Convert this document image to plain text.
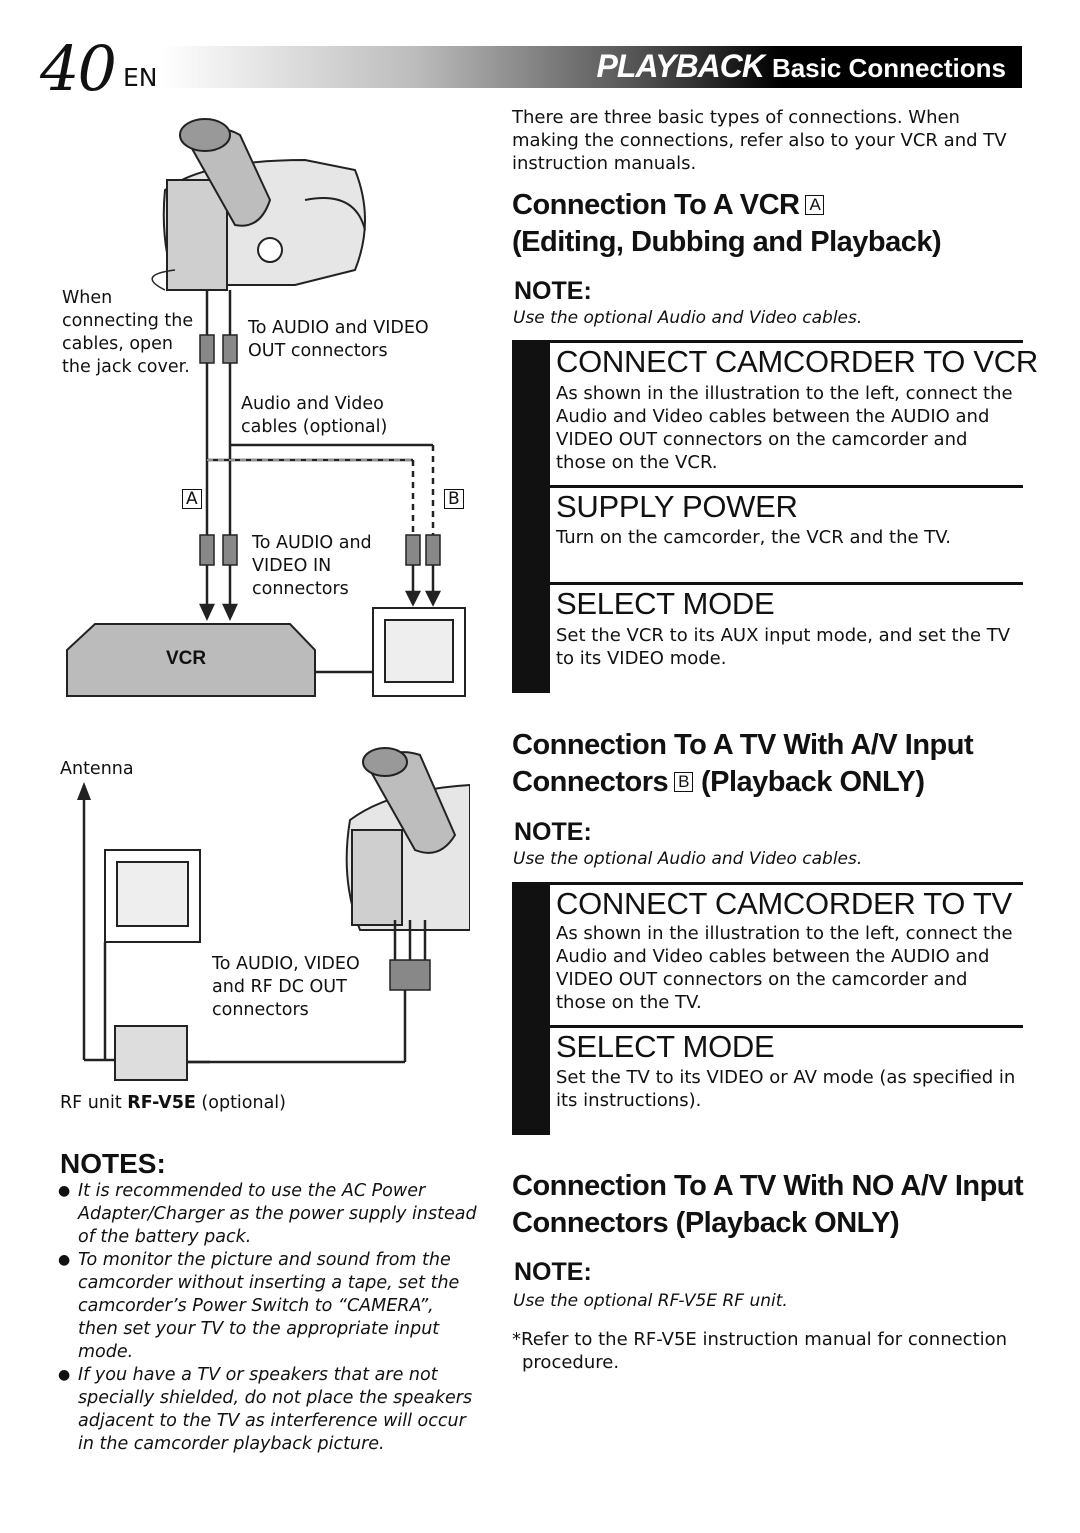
40 EN	PLAYBACK Basic Connections
When connecting the cables, open the jack cover.
To AUDIO and VIDEO OUT connectors
Audio and Video cables (optional)
A	B
To AUDIO and VIDEO IN connectors
VCR
Antenna
To AUDIO, VIDEO and RF DC OUT connectors
RF unit RF-V5E (optional)
NOTES:
● It is recommended to use the AC Power Adapter/Charger as the power supply instead of the battery pack.
● To monitor the picture and sound from the camcorder without inserting a tape, set the camcorder’s Power Switch to “CAMERA”, then set your TV to the appropriate input mode.
● If you have a TV or speakers that are not specially shielded, do not place the speakers adjacent to the TV as interference will occur in the camcorder playback picture.
There are three basic types of connections. When making the connections, refer also to your VCR and TV instruction manuals.
Connection To A VCR A
(Editing, Dubbing and Playback)
NOTE:
Use the optional Audio and Video cables.
1
CONNECT CAMCORDER TO VCR
As shown in the illustration to the left, connect the Audio and Video cables between the AUDIO and VIDEO OUT connectors on the camcorder and those on the VCR.
2
SUPPLY POWER
Turn on the camcorder, the VCR and the TV.
3
SELECT MODE
Set the VCR to its AUX input mode, and set the TV to its VIDEO mode.
Connection To A TV With A/V Input
Connectors B (Playback ONLY)
NOTE:
Use the optional Audio and Video cables.
1
CONNECT CAMCORDER TO TV
As shown in the illustration to the left, connect the Audio and Video cables between the AUDIO and VIDEO OUT connectors on the camcorder and those on the TV.
2
SELECT MODE
Set the TV to its VIDEO or AV mode (as specified in its instructions).
Connection To A TV With NO A/V Input
Connectors (Playback ONLY)
NOTE:
Use the optional RF-V5E RF unit.
*Refer to the RF-V5E instruction manual for connection procedure.
